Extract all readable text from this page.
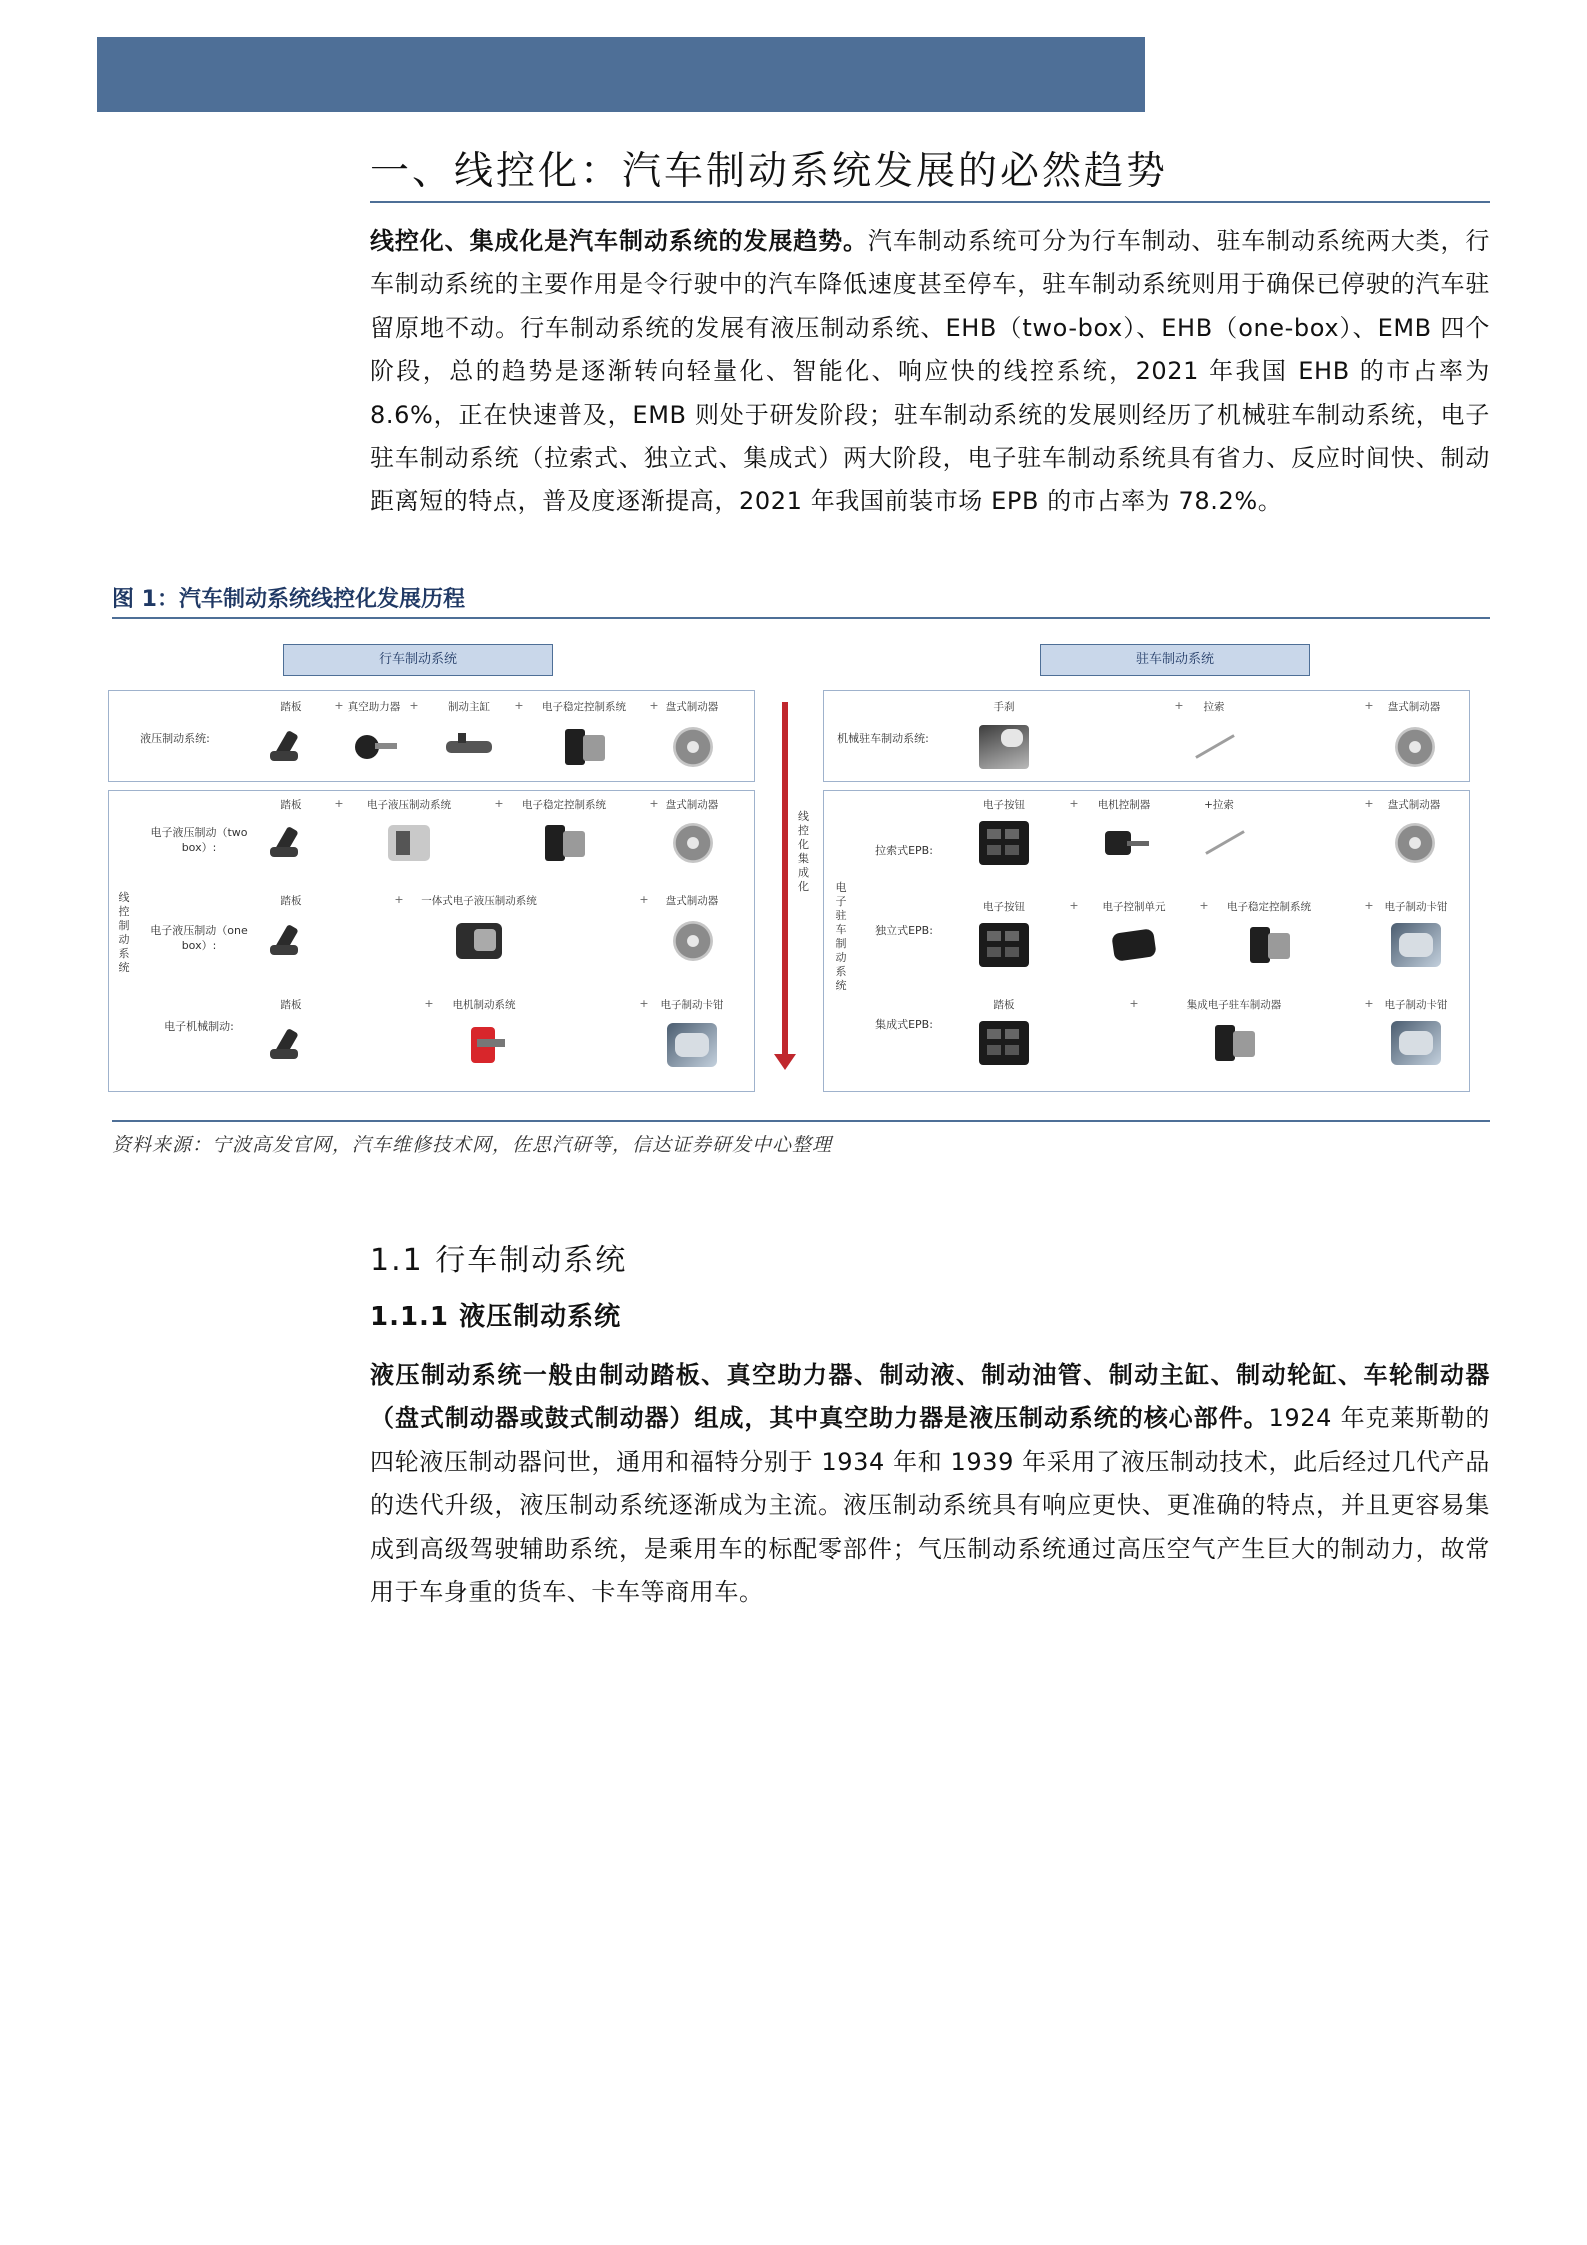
一、线控化：汽车制动系统发展的必然趋势
线控化、集成化是汽车制动系统的发展趋势。汽车制动系统可分为行车制动、驻车制动系统两大类，行车制动系统的主要作用是令行驶中的汽车降低速度甚至停车，驻车制动系统则用于确保已停驶的汽车驻留原地不动。行车制动系统的发展有液压制动系统、EHB（two-box）、EHB（one-box）、EMB 四个阶段，总的趋势是逐渐转向轻量化、智能化、响应快的线控系统，2021 年我国 EHB 的市占率为 8.6%，正在快速普及，EMB 则处于研发阶段；驻车制动系统的发展则经历了机械驻车制动系统，电子驻车制动系统（拉索式、独立式、集成式）两大阶段，电子驻车制动系统具有省力、反应时间快、制动距离短的特点，普及度逐渐提高，2021 年我国前装市场 EPB 的市占率为 78.2%。
图 1：汽车制动系统线控化发展历程
行车制动系统	驻车制动系统
液压制动系统:
踏板	+ 真空助力器 +	制动主缸 + 电子稳定控制系统 + 盘式制动器
线控制动系统
电子液压制动（two box）:
踏板	+ 电子液压制动系统	+ 电子稳定控制系统	+ 盘式制动器
电子液压制动（one box）:
踏板	+ 一体式电子液压制动系统	+ 盘式制动器
电子机械制动:
踏板	+ 电机制动系统	+ 电子制动卡钳
线控化 集成化
机械驻车制动系统:
手刹	+ 拉索	+ 盘式制动器
电子驻车制动系统
拉索式EPB:
电子按钮	+ 电机控制器	+拉索	+ 盘式制动器
独立式EPB:
电子按钮	+ 电子控制单元	+ 电子稳定控制系统	+ 电子制动卡钳
集成式EPB:
踏板	+	集成电子驻车制动器	+ 电子制动卡钳
资料来源：宁波高发官网，汽车维修技术网，佐思汽研等，信达证券研发中心整理
1.1 行车制动系统
1.1.1 液压制动系统
液压制动系统一般由制动踏板、真空助力器、制动液、制动油管、制动主缸、制动轮缸、车轮制动器（盘式制动器或鼓式制动器）组成，其中真空助力器是液压制动系统的核心部件。1924 年克莱斯勒的四轮液压制动器问世，通用和福特分别于 1934 年和 1939 年采用了液压制动技术，此后经过几代产品的迭代升级，液压制动系统逐渐成为主流。液压制动系统具有响应更快、更准确的特点，并且更容易集成到高级驾驶辅助系统，是乘用车的标配零部件；气压制动系统通过高压空气产生巨大的制动力，故常用于车身重的货车、卡车等商用车。
